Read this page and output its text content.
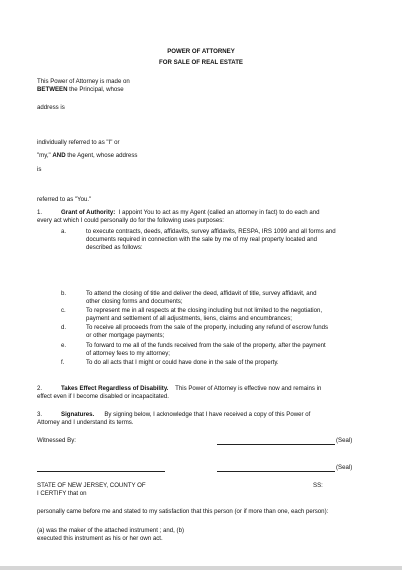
POWER OF ATTORNEY
FOR SALE OF REAL ESTATE
This Power of Attorney is made on
BETWEEN the Principal, whose
address is
individually referred to as "I" or
"my," AND the Agent, whose address
is
referred to as "You."
1.	Grant of Authority: I appoint You to act as my Agent (called an attorney in fact) to do each and
every act which I could personally do for the following uses purposes:
a.	to execute contracts, deeds, affidavits, survey affidavits, RESPA, IRS 1099 and all forms and
documents required in connection with the sale by me of my real property located and
described as follows:
b.	To attend the closing of title and deliver the deed, affidavit of title, survey affidavit, and
other closing forms and documents;
c.	To represent me in all respects at the closing including but not limited to the negotiation,
payment and settlement of all adjustments, liens, claims and encumbrances;
d.	To receive all proceeds from the sale of the property, including any refund of escrow funds
or other mortgage payments;
e.	To forward to me all of the funds received from the sale of the property, after the payment
of attorney fees to my attorney;
f.	To do all acts that I might or could have done in the sale of the property.
2.	Takes Effect Regardless of Disability. This Power of Attorney is effective now and remains in
effect even if I become disabled or incapacitated.
3.	Signatures. By signing below, I acknowledge that I have received a copy of this Power of
Attorney and I understand its terms.
Witnessed By:	(Seal)
(Seal)
STATE OF NEW JERSEY, COUNTY OF	SS:
I CERTIFY that on
personally came before me and stated to my satisfaction that this person (or if more than one, each person):
(a) was the maker of the attached instrument ; and, (b)
executed this instrument as his or her own act.
